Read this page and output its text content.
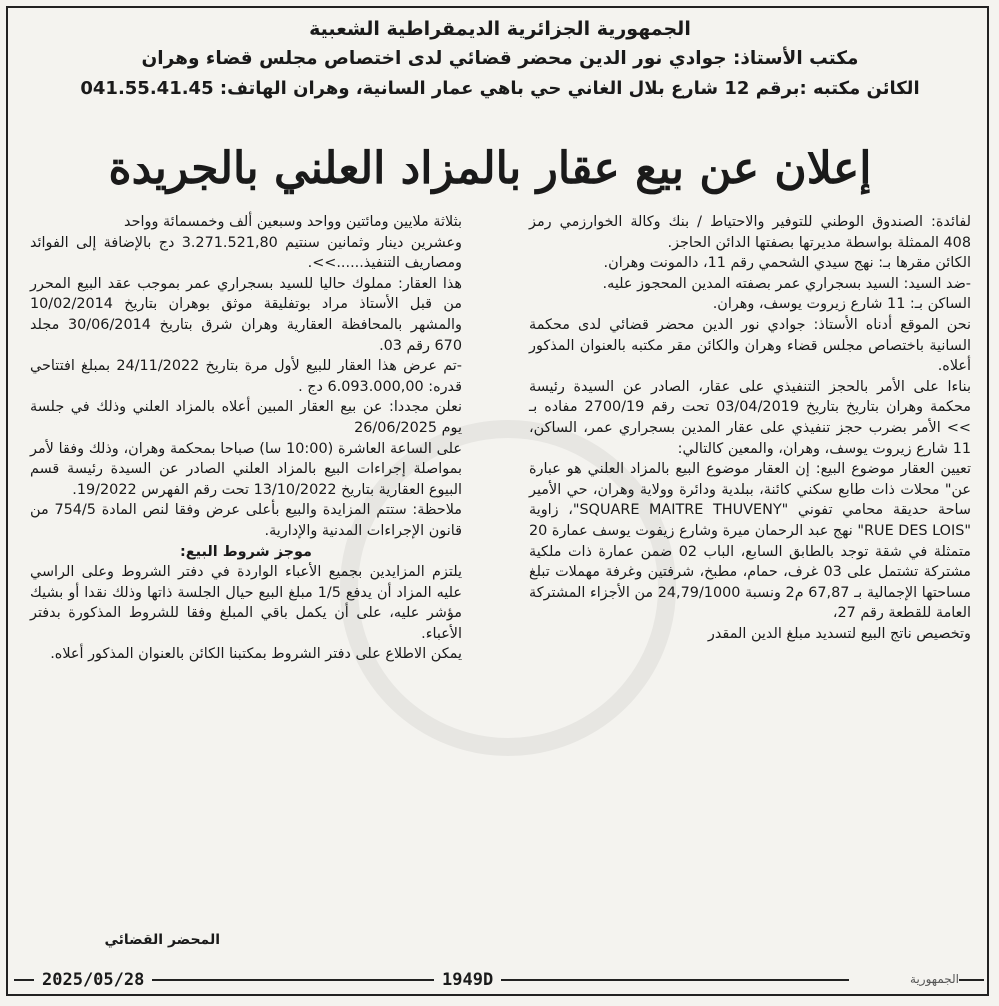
الجمهورية الجزائرية الديمقراطية الشعبية
مكتب الأستاذ: جوادي نور الدين محضر قضائي لدى اختصاص مجلس قضاء وهران
الكائن مكتبه :برقم 12 شارع بلال الغاني حي باهي عمار السانية، وهران الهاتف: 041.55.41.45
إعلان عن بيع عقار بالمزاد العلني بالجريدة

لفائدة: الصندوق الوطني للتوفير والاحتياط / بنك وكالة الخوارزمي رمز 408 الممثلة بواسطة مديرتها بصفتها الدائن الحاجز.

الكائن مقرها بـ: نهج سيدي الشحمي رقم 11، دالمونت وهران.

-ضد السيد: السيد بسجراري عمر بصفته المدين المحجوز عليه.

الساكن بـ: 11 شارع زيروت يوسف، وهران.

نحن الموقع أدناه الأستاذ: جوادي نور الدين محضر قضائي لدى محكمة السانية باختصاص مجلس قضاء وهران والكائن مقر مكتبه بالعنوان المذكور أعلاه.

بناءا على الأمر بالحجز التنفيذي على عقار، الصادر عن السيدة رئيسة محكمة وهران بتاريخ بتاريخ 03/04/2019 تحت رقم 2700/19 مفاده بـ >> الأمر بضرب حجز تنفيذي على عقار المدين بسجراري عمر، الساكن، 11 شارع زيروت يوسف، وهران، والمعين كالتالي:

تعيين العقار موضوع البيع: إن العقار موضوع البيع بالمزاد العلني هو عبارة عن" محلات ذات طابع سكني كائنة، ببلدية ودائرة وولاية وهران، حي الأمير ساحة حديقة محامي تفوني "SQUARE MAITRE THUVENY"، زاوية "RUE DES LOIS" نهج عبد الرحمان ميرة وشارع زيفوت يوسف عمارة 20 متمثلة في شقة توجد بالطابق السابع، الباب 02 ضمن عمارة ذات ملكية مشتركة تشتمل على 03 غرف، حمام، مطبخ، شرفتين وغرفة مهملات تبلغ مساحتها الإجمالية بـ 67,87 م2 ونسبة 24,79/1000 من الأجزاء المشتركة العامة للقطعة رقم 27،

وتخصيص ناتج البيع لتسديد مبلغ الدين المقدر

بثلاثة ملايين ومائتين وواحد وسبعين ألف وخمسمائة وواحد

وعشرين دينار وثمانين سنتيم 3.271.521,80 دج بالإضافة إلى الفوائد ومصاريف التنفيذ......>>.

هذا العقار: مملوك حاليا للسيد بسجراري عمر بموجب عقد البيع المحرر من قبل الأستاذ مراد بوتفليقة موثق بوهران بتاريخ 10/02/2014 والمشهر بالمحافظة العقارية وهران شرق بتاريخ 30/06/2014 مجلد 670 رقم 03.

-تم عرض هذا العقار للبيع لأول مرة بتاريخ 24/11/2022 بمبلغ افتتاحي قدره: 6.093.000,00 دج .

نعلن مجددا: عن بيع العقار المبين أعلاه بالمزاد العلني وذلك في جلسة يوم 26/06/2025

على الساعة العاشرة (10:00 سا) صباحا بمحكمة وهران، وذلك وفقا لأمر بمواصلة إجراءات البيع بالمزاد العلني الصادر عن السيدة رئيسة قسم البيوع العقارية بتاريخ 13/10/2022 تحت رقم الفهرس 19/2022.

ملاحظة: ستتم المزايدة والبيع بأعلى عرض وفقا لنص المادة 754/5 من قانون الإجراءات المدنية والإدارية.

موجز شروط البيع:

يلتزم المزايدين بجميع الأعباء الواردة في دفتر الشروط وعلى الراسي عليه المزاد أن يدفع 1/5 مبلغ البيع حيال الجلسة ذاتها وذلك نقدا أو بشيك مؤشر عليه، على أن يكمل باقي المبلغ وفقا للشروط المذكورة بدفتر الأعباء.

يمكن الاطلاع على دفتر الشروط بمكتبنا الكائن بالعنوان المذكور أعلاه.

المحضر القضائي
2025/05/28	1949D	الجمهورية
